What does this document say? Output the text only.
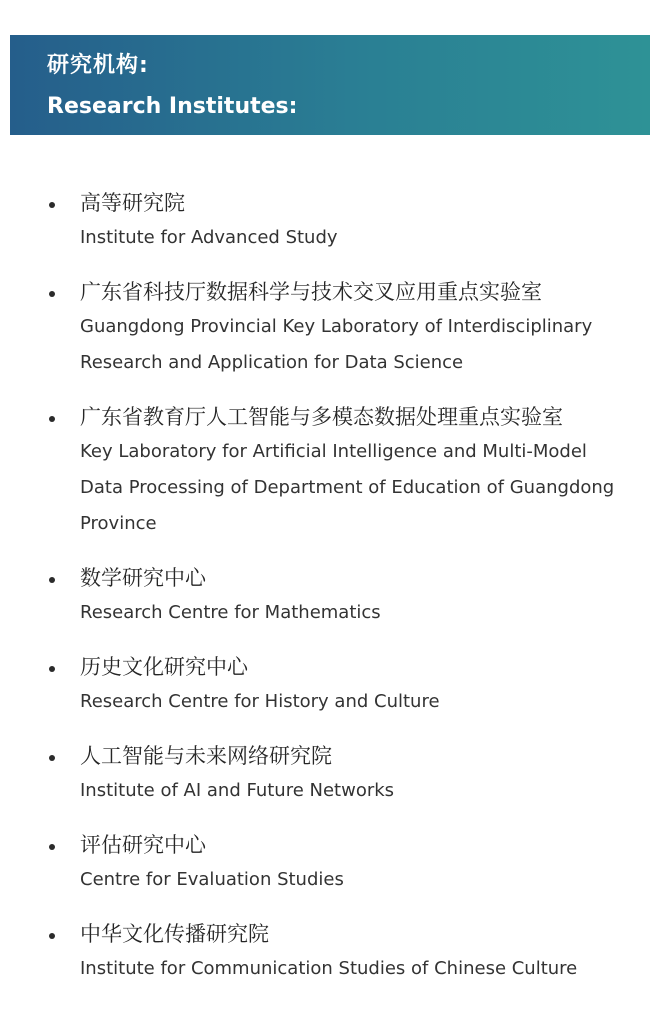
研究机构:
Research Institutes:
高等研究院
Institute for Advanced Study
广东省科技厅数据科学与技术交叉应用重点实验室
Guangdong Provincial Key Laboratory of Interdisciplinary Research and Application for Data Science
广东省教育厅人工智能与多模态数据处理重点实验室
Key Laboratory for Artificial Intelligence and Multi-Model Data Processing of Department of Education of Guangdong Province
数学研究中心
Research Centre for Mathematics
历史文化研究中心
Research Centre for History and Culture
人工智能与未来网络研究院
Institute of AI and Future Networks
评估研究中心
Centre for Evaluation Studies
中华文化传播研究院
Institute for Communication Studies of Chinese Culture
